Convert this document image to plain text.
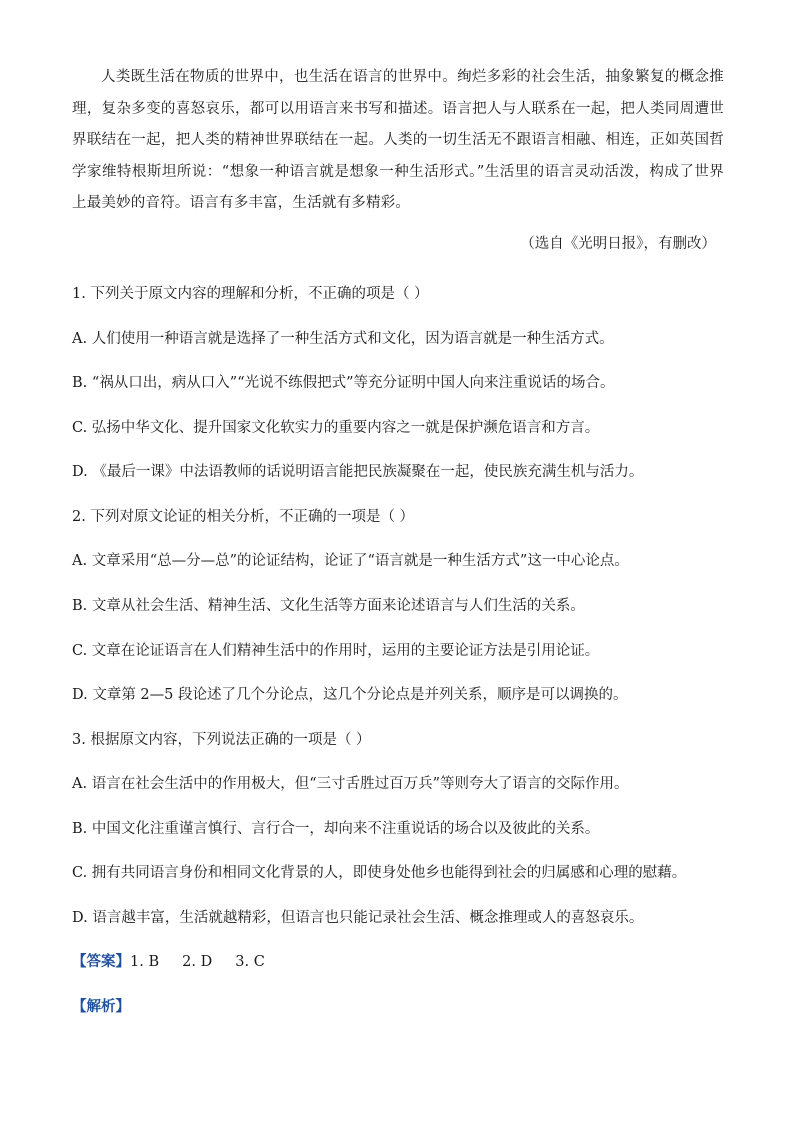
人类既生活在物质的世界中，也生活在语言的世界中。绚烂多彩的社会生活，抽象繁复的概念推理，复杂多变的喜怒哀乐，都可以用语言来书写和描述。语言把人与人联系在一起，把人类同周遭世界联结在一起，把人类的精神世界联结在一起。人类的一切生活无不跟语言相融、相连，正如英国哲学家维特根斯坦所说：“想象一种语言就是想象一种生活形式。”生活里的语言灵动活泼，构成了世界上最美妙的音符。语言有多丰富，生活就有多精彩。

（选自《光明日报》，有删改）

1. 下列关于原文内容的理解和分析，不正确的项是（ ）

A. 人们使用一种语言就是选择了一种生活方式和文化，因为语言就是一种生活方式。

B. “祸从口出，病从口入”“光说不练假把式”等充分证明中国人向来注重说话的场合。

C. 弘扬中华文化、提升国家文化软实力的重要内容之一就是保护濒危语言和方言。

D. 《最后一课》中法语教师的话说明语言能把民族凝聚在一起，使民族充满生机与活力。

2. 下列对原文论证的相关分析，不正确的一项是（ ）

A. 文章采用“总—分—总”的论证结构，论证了“语言就是一种生活方式”这一中心论点。

B. 文章从社会生活、精神生活、文化生活等方面来论述语言与人们生活的关系。

C. 文章在论证语言在人们精神生活中的作用时，运用的主要论证方法是引用论证。

D. 文章第 2—5 段论述了几个分论点，这几个分论点是并列关系，顺序是可以调换的。

3. 根据原文内容，下列说法正确的一项是（ ）

A. 语言在社会生活中的作用极大，但“三寸舌胜过百万兵”等则夸大了语言的交际作用。

B. 中国文化注重谨言慎行、言行合一，却向来不注重说话的场合以及彼此的关系。

C. 拥有共同语言身份和相同文化背景的人，即使身处他乡也能得到社会的归属感和心理的慰藉。

D. 语言越丰富，生活就越精彩，但语言也只能记录社会生活、概念推理或人的喜怒哀乐。

【答案】1. B     2. D     3. C

【解析】
